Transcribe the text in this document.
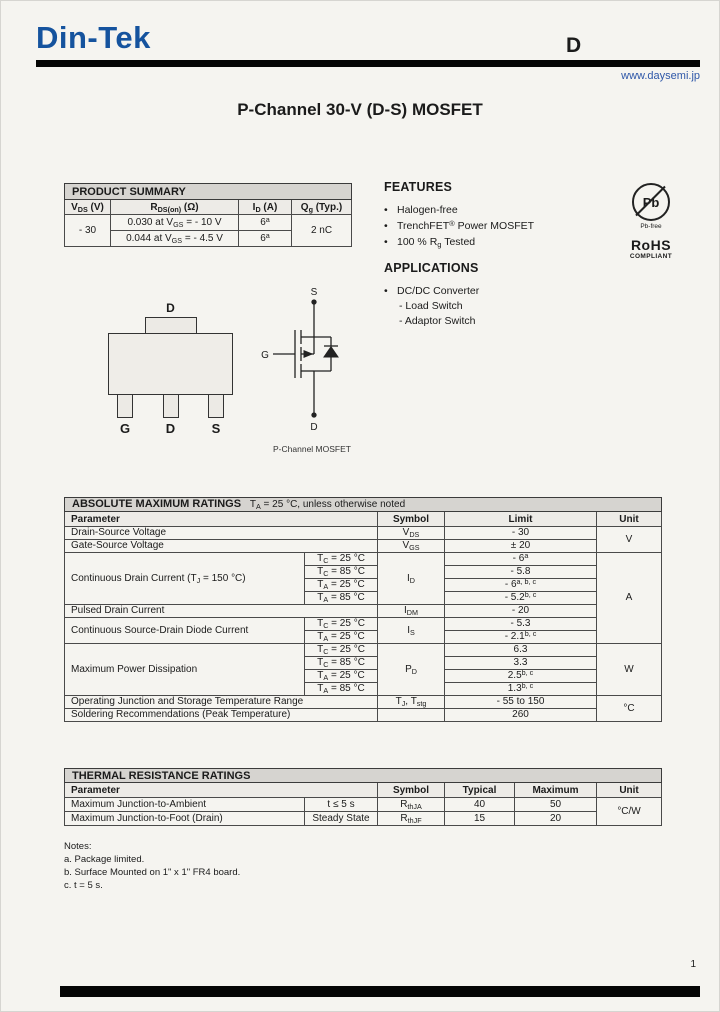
Din-Tek	D
www.daysemi.jp
P-Channel 30-V (D-S) MOSFET
PRODUCT SUMMARY			
$V_{DS}$ (V)	$R_{DS(on)}$ (Ω)	$I_D$ (A)	$Q_g$ (Typ.)
- 30	0.030 at $V_{GS}$ = - 10 V	6$^a$	2 nC
	0.044 at $V_{GS}$ = - 4.5 V	6$^a$
FEATURES
• Halogen-free
• TrenchFET® Power MOSFET
• 100 % $R_g$ Tested
APPLICATIONS
• DC/DC Converter
- Load Switch
- Adaptor Switch
Pb
Pb-free
RoHS
COMPLIANT
D
G	D	S
S
G
D
P-Channel MOSFET
ABSOLUTE MAXIMUM RATINGS $T_A = 25$ °C, unless otherwise noted				
Parameter		Symbol	Limit	Unit
Drain-Source Voltage		$V_{DS}$	- 30	V
Gate-Source Voltage		$V_{GS}$	± 20	
Continuous Drain Current ($T_J = 150$ °C)	$T_C = 25$ °C	$I_D$	- 6$^a$	A
	$T_C = 85$ °C		- 5.8	
	$T_A = 25$ °C		- 6$^{a, b, c}$
	$T_A = 85$ °C		- 5.2$^{b, c}$
Pulsed Drain Current		$I_{DM}$	- 20	
Continuous Source-Drain Diode Current	$T_C = 25$ °C	$I_S$	- 5.3	
	$T_A = 25$ °C		- 2.1$^{b, c}$
Maximum Power Dissipation	$T_C = 25$ °C	$P_D$	6.3	W
	$T_C = 85$ °C		3.3	
	$T_A = 25$ °C		2.5$^{b, c}$
	$T_A = 85$ °C		1.3$^{b, c}$
Operating Junction and Storage Temperature Range		$T_J$, $T_{stg}$	- 55 to 150	°C
Soldering Recommendations (Peak Temperature)			260	
THERMAL RESISTANCE RATINGS					
Parameter		Symbol	Typical	Maximum	Unit
Maximum Junction-to-Ambient	t ≤ 5 s	$R_{thJA}$	40	50	°C/W
Maximum Junction-to-Foot (Drain)	Steady State	$R_{thJF}$	15	20	
Notes:
a. Package limited.
b. Surface Mounted on 1" x 1" FR4 board.
c. t = 5 s.
1
